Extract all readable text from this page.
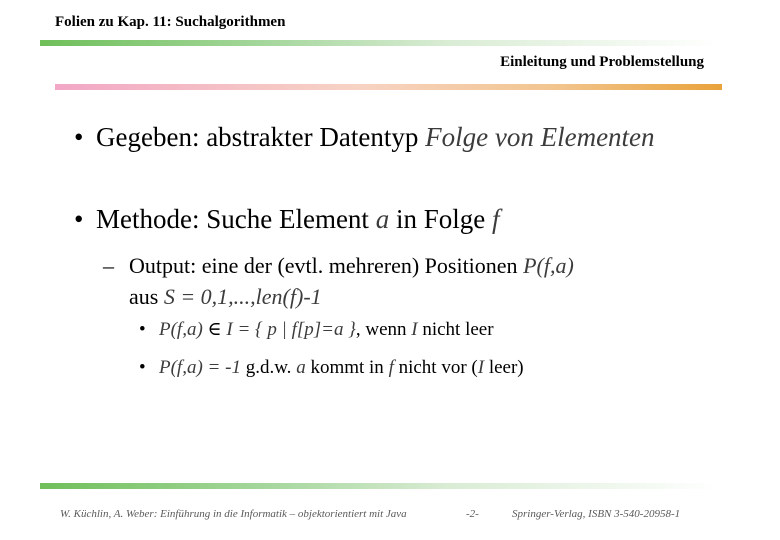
Folien zu Kap. 11: Suchalgorithmen
Einleitung und Problemstellung
• Gegeben: abstrakter Datentyp Folge von Elementen
• Methode: Suche Element a in Folge f
– Output: eine der (evtl. mehreren) Positionen P(f,a)
aus S = 0,1,...,len(f)-1
• P(f,a) ∈ I = { p | f[p]=a }, wenn I nicht leer
• P(f,a) = -1 g.d.w. a kommt in f nicht vor (I leer)
W. Küchlin, A. Weber: Einführung in die Informatik – objektorientiert mit Java	-2-	Springer-Verlag, ISBN 3-540-20958-1
